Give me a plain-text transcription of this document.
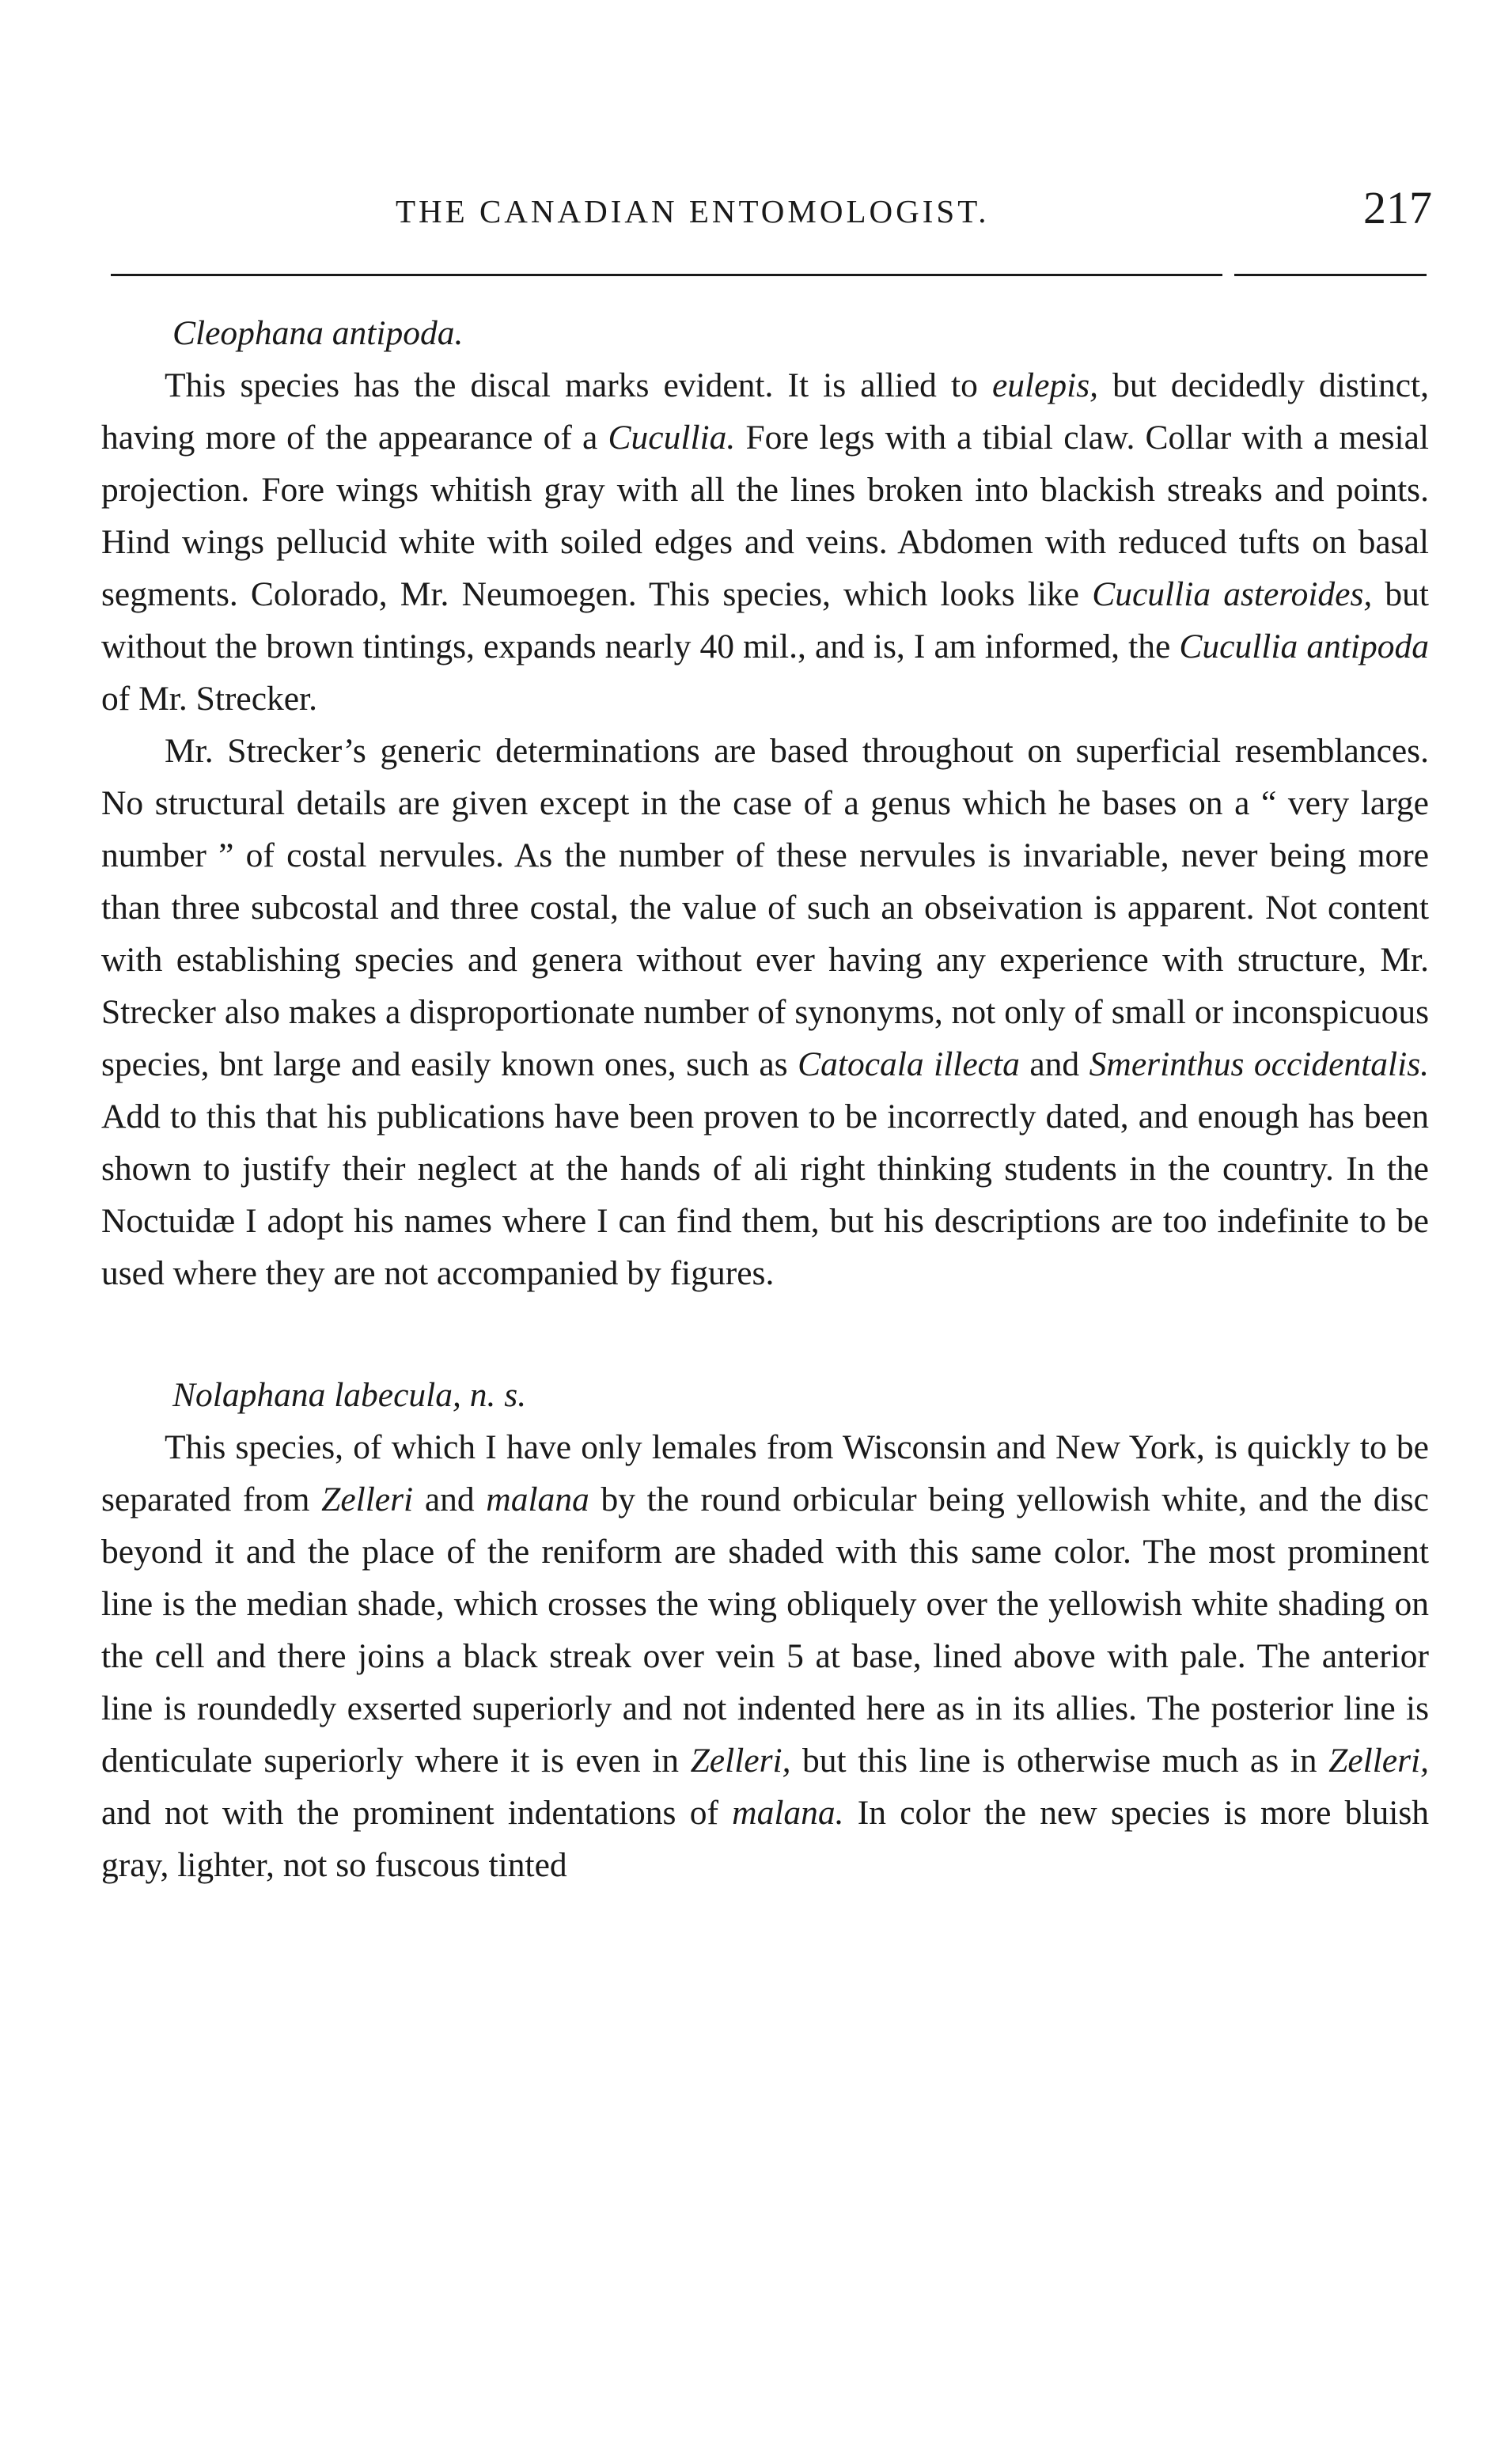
THE CANADIAN ENTOMOLOGIST.	217

Cleophana antipoda.

This species has the discal marks evident. It is allied to eulepis, but decidedly distinct, having more of the appearance of a Cucullia. Fore legs with a tibial claw. Collar with a mesial projection. Fore wings whitish gray with all the lines broken into blackish streaks and points. Hind wings pellucid white with soiled edges and veins. Abdomen with reduced tufts on basal segments. Colorado, Mr. Neumoegen. This species, which looks like Cucullia asteroides, but without the brown tintings, expands nearly 40 mil., and is, I am informed, the Cucullia antipoda of Mr. Strecker.

Mr. Strecker’s generic determinations are based throughout on superficial resemblances. No structural details are given except in the case of a genus which he bases on a “ very large number ” of costal nervules. As the number of these nervules is invariable, never being more than three subcostal and three costal, the value of such an obseivation is apparent. Not content with establishing species and genera without ever having any experience with structure, Mr. Strecker also makes a disproportionate number of synonyms, not only of small or inconspicuous species, bnt large and easily known ones, such as Catocala illecta and Smerinthus occidentalis. Add to this that his publications have been proven to be incorrectly dated, and enough has been shown to justify their neglect at the hands of ali right thinking students in the country. In the Noctuidæ I adopt his names where I can find them, but his descriptions are too indefinite to be used where they are not accompanied by figures.

Nolaphana labecula, n. s.

This species, of which I have only lemales from Wisconsin and New York, is quickly to be separated from Zelleri and malana by the round orbicular being yellowish white, and the disc beyond it and the place of the reniform are shaded with this same color. The most prominent line is the median shade, which crosses the wing obliquely over the yellowish white shading on the cell and there joins a black streak over vein 5 at base, lined above with pale. The anterior line is roundedly exserted superiorly and not indented here as in its allies. The posterior line is denticulate superiorly where it is even in Zelleri, but this line is otherwise much as in Zelleri, and not with the prominent indentations of malana. In color the new species is more bluish gray, lighter, not so fuscous tinted
